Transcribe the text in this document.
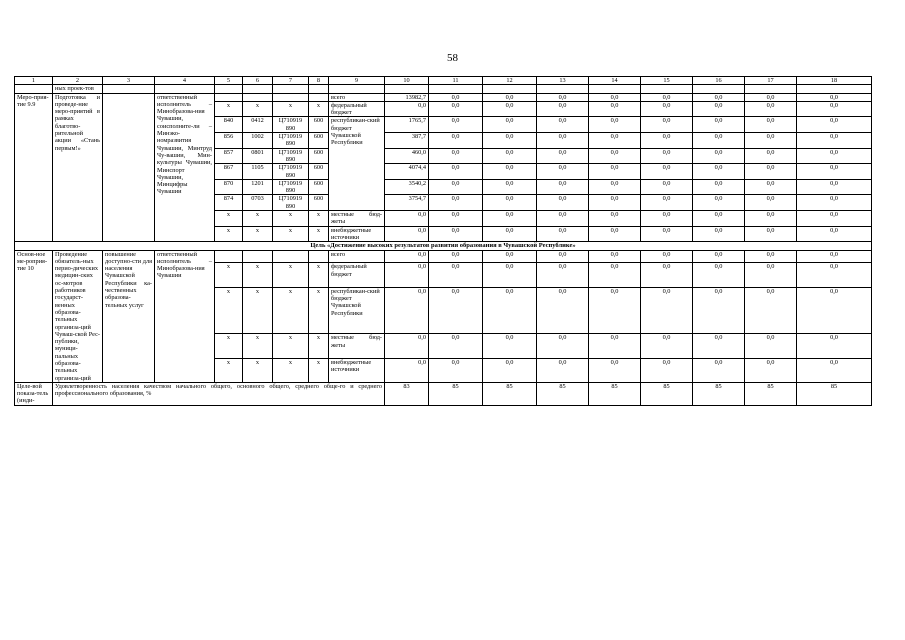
58
1	2	3	4	5	6	7	8	9	10	11	12	13	14	15	16	17	18
	ных проек-тов																
Меро-прия-тие 9.9	Подготовка и проведе-ние меро-приятий в рамках благотво-рительной акции «Стань первым!»		ответственный исполнитель – Минобразова-ния Чувашии, соисполните-ли – Минэко-номразвития Чувашии, Минтруд Чу-вашии, Мин-культуры Чувашии, Минспорт Чувашии, Минцифры Чувашии					всего	13982,7	0,0	0,0	0,0	0,0	0,0	0,0	0,0	0,0
				x	x	x	x	федеральный бюджет	0,0	0,0	0,0	0,0	0,0	0,0	0,0	0,0	0,0
				840	0412	Ц710919 890	600	республикан-ский бюджет Чувашской Республики	1765,7	0,0	0,0	0,0	0,0	0,0	0,0	0,0	0,0
				856	1002	Ц710919 890	600		387,7	0,0	0,0	0,0	0,0	0,0	0,0	0,0	0,0
				857	0801	Ц710919 890	600		460,0	0,0	0,0	0,0	0,0	0,0	0,0	0,0	0,0
				867	1105	Ц710919 890	600		4074,4	0,0	0,0	0,0	0,0	0,0	0,0	0,0	0,0
				870	1201	Ц710919 890	600		3540,2	0,0	0,0	0,0	0,0	0,0	0,0	0,0	0,0
				874	0703	Ц710919 890	600		3754,7	0,0	0,0	0,0	0,0	0,0	0,0	0,0	0,0
				x	x	x	x	местные бюд-жеты	0,0	0,0	0,0	0,0	0,0	0,0	0,0	0,0	0,0
				x	x	x	x	внебюджетные источники	0,0	0,0	0,0	0,0	0,0	0,0	0,0	0,0	0,0
Цель «Достижение высоких результатов развития образования в Чувашской Республике»																	
Основ-ное ме-роприя-тие 10	Проведение обязатель-ных перио-дических медицин-ских ос-мотров работников государст-венных образова-тельных организа-ций Чуваш-ской Рес-публики, муници-пальных образова-тельных организа-ций	повышение доступно-сти для населения Чувашской Республики ка-чественных образова-тельных услуг	ответственный исполнитель – Минобразова-ния Чувашии					всего	0,0	0,0	0,0	0,0	0,0	0,0	0,0	0,0	0,0
				x	x	x	x	федеральный бюджет	0,0	0,0	0,0	0,0	0,0	0,0	0,0	0,0	0,0
				x	x	x	x	республикан-ский бюджет Чувашской Республики	0,0	0,0	0,0	0,0	0,0	0,0	0,0	0,0	0,0
				x	x	x	x	местные бюд-жеты	0,0	0,0	0,0	0,0	0,0	0,0	0,0	0,0	0,0
				x	x	x	x	внебюджетные источники	0,0	0,0	0,0	0,0	0,0	0,0	0,0	0,0	0,0
Целе-вой показа-тель (инди-	Удовлетворенность населения качеством начального общего, основного общего, среднего обще-го и среднего профессионального образования, %								83	85	85	85	85	85	85	85	85
